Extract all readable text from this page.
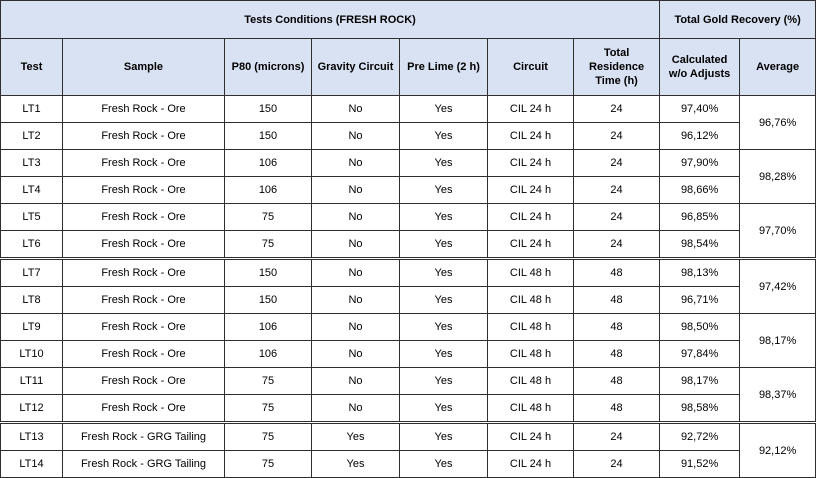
Tests Conditions (FRESH ROCK)							Total Gold Recovery (%)	
Test	Sample	P80 (microns)	Gravity Circuit	Pre Lime (2 h)	Circuit	Total Residence Time (h)	Calculated w/o Adjusts	Average
LT1	Fresh Rock - Ore	150	No	Yes	CIL 24 h	24	97,40%	96,76%
LT2	Fresh Rock - Ore	150	No	Yes	CIL 24 h	24	96,12%	
LT3	Fresh Rock - Ore	106	No	Yes	CIL 24 h	24	97,90%	98,28%
LT4	Fresh Rock - Ore	106	No	Yes	CIL 24 h	24	98,66%	
LT5	Fresh Rock - Ore	75	No	Yes	CIL 24 h	24	96,85%	97,70%
LT6	Fresh Rock - Ore	75	No	Yes	CIL 24 h	24	98,54%	
LT7	Fresh Rock - Ore	150	No	Yes	CIL 48 h	48	98,13%	97,42%
LT8	Fresh Rock - Ore	150	No	Yes	CIL 48 h	48	96,71%	
LT9	Fresh Rock - Ore	106	No	Yes	CIL 48 h	48	98,50%	98,17%
LT10	Fresh Rock - Ore	106	No	Yes	CIL 48 h	48	97,84%	
LT11	Fresh Rock - Ore	75	No	Yes	CIL 48 h	48	98,17%	98,37%
LT12	Fresh Rock - Ore	75	No	Yes	CIL 48 h	48	98,58%	
LT13	Fresh Rock - GRG Tailing	75	Yes	Yes	CIL 24 h	24	92,72%	92,12%
LT14	Fresh Rock - GRG Tailing	75	Yes	Yes	CIL 24 h	24	91,52%	
